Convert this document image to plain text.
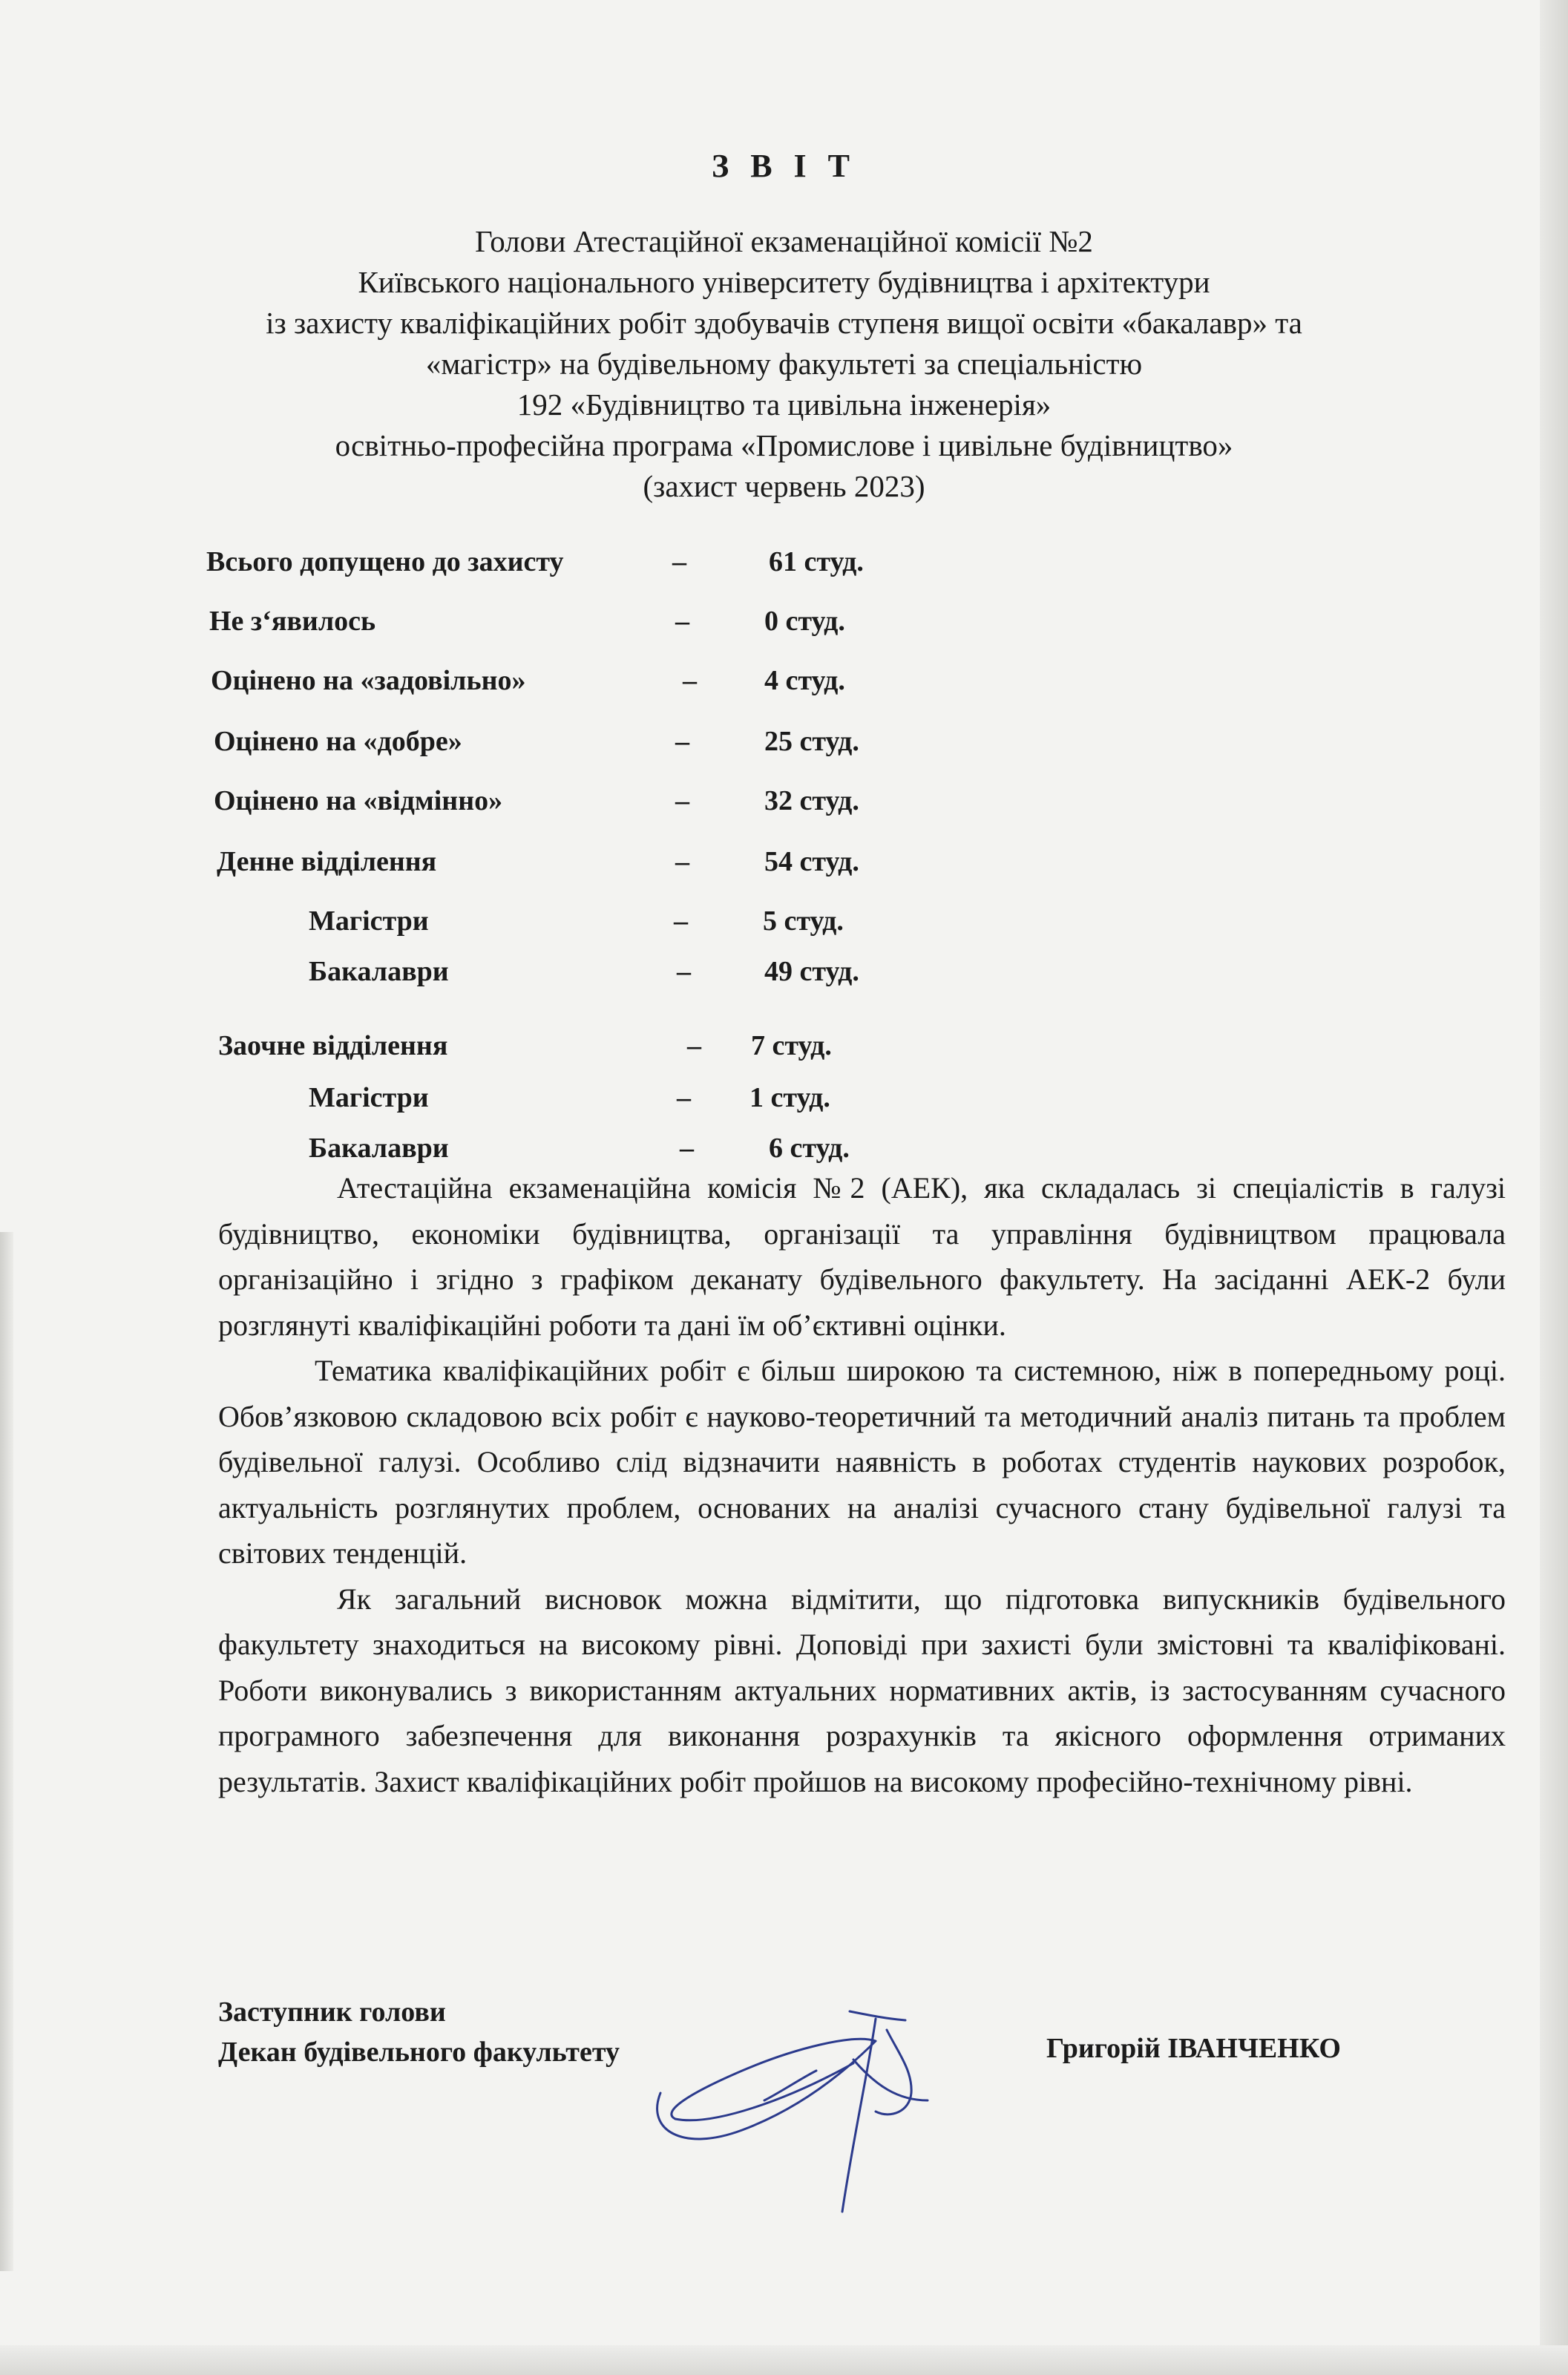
З В І Т
Голови Атестаційної екзаменаційної комісії №2
Київського національного університету будівництва і архітектури
із захисту кваліфікаційних робіт здобувачів ступеня вищої освіти «бакалавр» та
«магістр» на будівельному факультеті за спеціальністю
192 «Будівництво та цивільна інженерія»
освітньо-професійна програма «Промислове і цивільне будівництво»
(захист червень 2023)
Всього допущено до захисту	–	61 студ.
Не з‘явилось	–	0 студ.
Оцінено на «задовільно»	– 4 студ.
Оцінено на «добре»	–	25 студ.
Оцінено на «відмінно»	–	32 студ.
Денне відділення	–	54 студ.
Магістри	–	5 студ.
Бакалаври	–	49 студ.
Заочне відділення	– 7 студ.
Магістри	– 1 студ.
Бакалаври	–	6 студ.

Атестаційна екзаменаційна комісія №2 (АЕК), яка складалась зі спеціалістів в галузі будівництво, економіки будівництва, організації та управління будівництвом працювала організаційно і згідно з графіком деканату будівельного факультету. На засіданні АЕК-2 були розглянуті кваліфікаційні роботи та дані їм об’єктивні оцінки.

Тематика кваліфікаційних робіт є більш широкою та системною, ніж в попередньому році. Обов’язковою складовою всіх робіт є науково-теоретичний та методичний аналіз питань та проблем будівельної галузі. Особливо слід відзначити наявність в роботах студентів наукових розробок, актуальність розглянутих проблем, основаних на аналізі сучасного стану будівельної галузі та світових тенденцій.

Як загальний висновок можна відмітити, що підготовка випускників будівельного факультету знаходиться на високому рівні. Доповіді при захисті були змістовні та кваліфіковані. Роботи виконувались з використанням актуальних нормативних актів, із застосуванням сучасного програмного забезпечення для виконання розрахунків та якісного оформлення отриманих результатів. Захист кваліфікаційних робіт пройшов на високому професійно-технічному рівні.

Заступник голови
Декан будівельного факультету	Григорій ІВАНЧЕНКО
